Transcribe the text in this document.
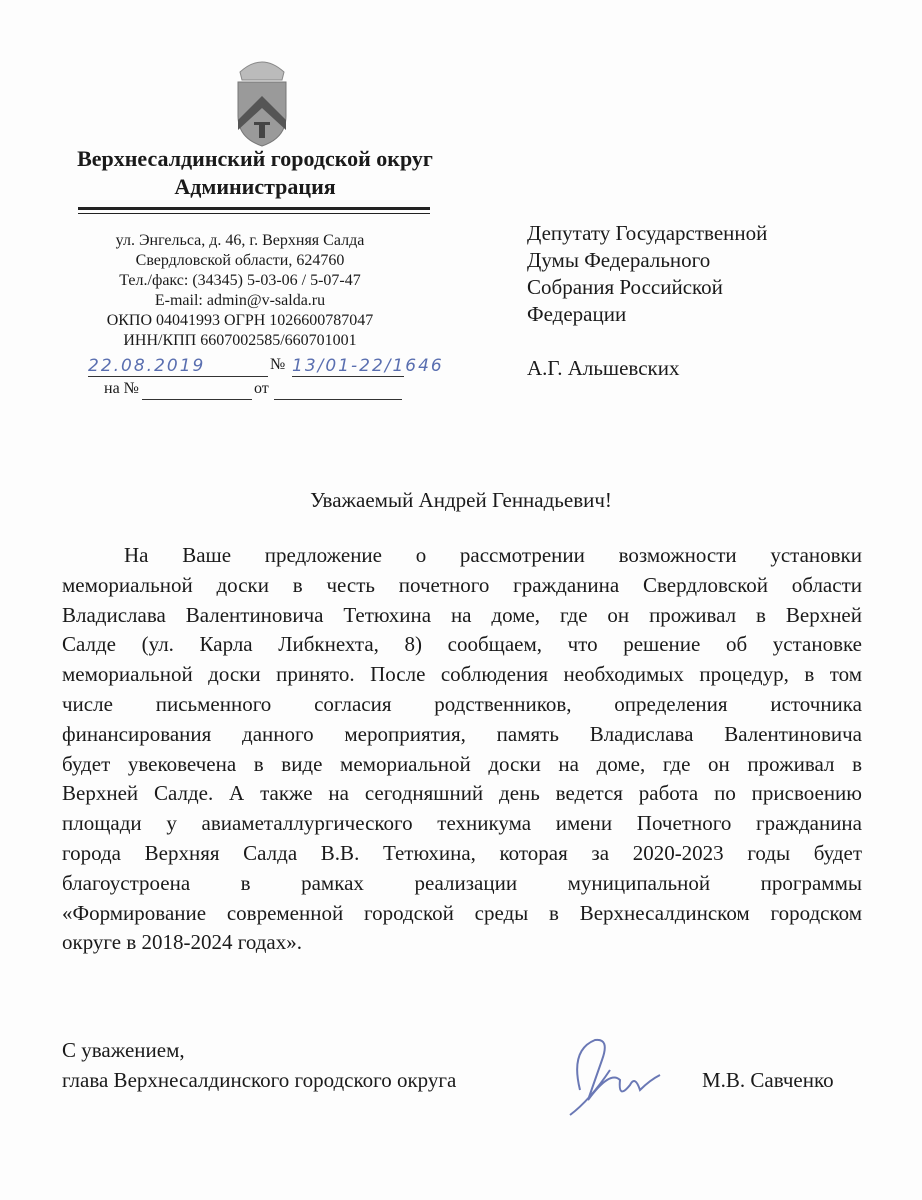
Верхнесалдинский городской округ
Администрация
ул. Энгельса, д. 46, г. Верхняя Салда
Свердловской области, 624760
Тел./факс: (34345) 5-03-06 / 5-07-47
E-mail: admin@v-salda.ru
ОКПО 04041993 ОГРН 1026600787047
ИНН/КПП 6607002585/660701001
22.08.2019	№ 13/01-22/1646
на №	от
Депутату Государственной
Думы Федерального
Собрания Российской
Федерации
А.Г. Альшевских
Уважаемый Андрей Геннадьевич!
На Ваше предложение о рассмотрении возможности установки
мемориальной доски в честь почетного гражданина Свердловской области
Владислава Валентиновича Тетюхина на доме, где он проживал в Верхней
Салде (ул. Карла Либкнехта, 8) сообщаем, что решение об установке
мемориальной доски принято. После соблюдения необходимых процедур, в том
числе письменного согласия родственников, определения источника
финансирования данного мероприятия, память Владислава Валентиновича
будет увековечена в виде мемориальной доски на доме, где он проживал в
Верхней Салде. А также на сегодняшний день ведется работа по присвоению
площади у авиаметаллургического техникума имени Почетного гражданина
города Верхняя Салда В.В. Тетюхина, которая за 2020-2023 годы будет
благоустроена в рамках реализации муниципальной программы
«Формирование современной городской среды в Верхнесалдинском городском
округе в 2018-2024 годах».
С уважением,
глава Верхнесалдинского городского округа	М.В. Савченко
